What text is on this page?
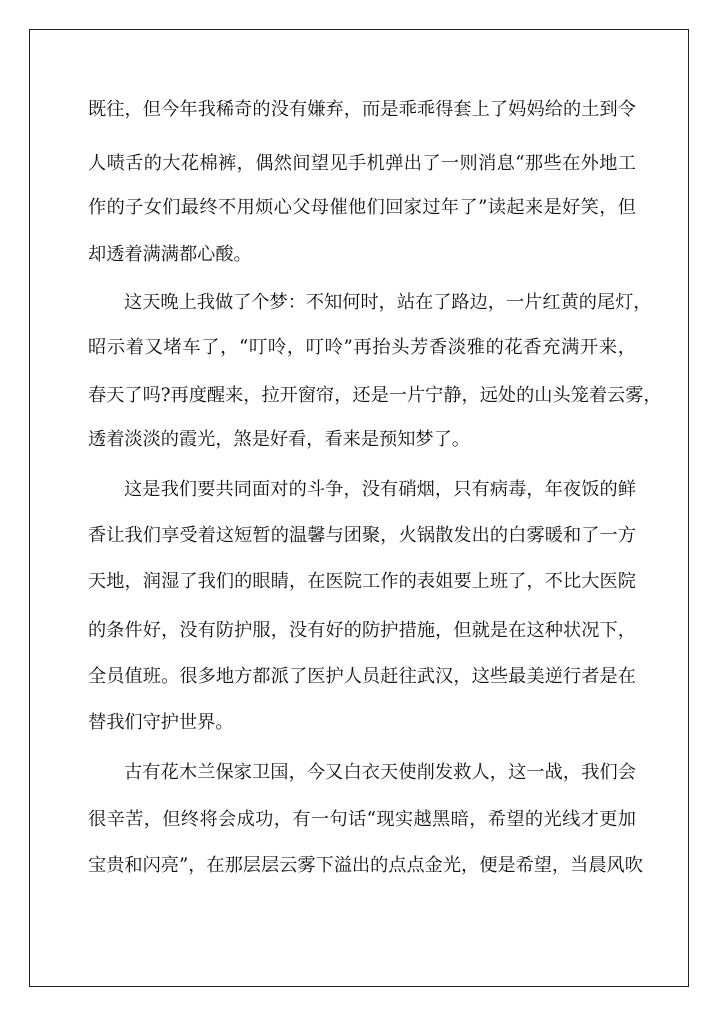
既往，但今年我稀奇的没有嫌弃，而是乖乖得套上了妈妈给的土到令
人啧舌的大花棉裤，偶然间望见手机弹出了一则消息“那些在外地工
作的子女们最终不用烦心父母催他们回家过年了”读起来是好笑，但
却透着满满都心酸。
这天晚上我做了个梦：不知何时，站在了路边，一片红黄的尾灯，
昭示着又堵车了，“叮呤，叮呤”再抬头芳香淡雅的花香充满开来，
春天了吗?再度醒来，拉开窗帘，还是一片宁静，远处的山头笼着云雾，
透着淡淡的霞光，煞是好看，看来是预知梦了。
这是我们要共同面对的斗争，没有硝烟，只有病毒，年夜饭的鲜
香让我们享受着这短暂的温馨与团聚，火锅散发出的白雾暖和了一方
天地，润湿了我们的眼睛，在医院工作的表姐要上班了，不比大医院
的条件好，没有防护服，没有好的防护措施，但就是在这种状况下，
全员值班。很多地方都派了医护人员赶往武汉，这些最美逆行者是在
替我们守护世界。
古有花木兰保家卫国，今又白衣天使削发救人，这一战，我们会
很辛苦，但终将会成功，有一句话“现实越黑暗，希望的光线才更加
宝贵和闪亮”，在那层层云雾下溢出的点点金光，便是希望，当晨风吹
